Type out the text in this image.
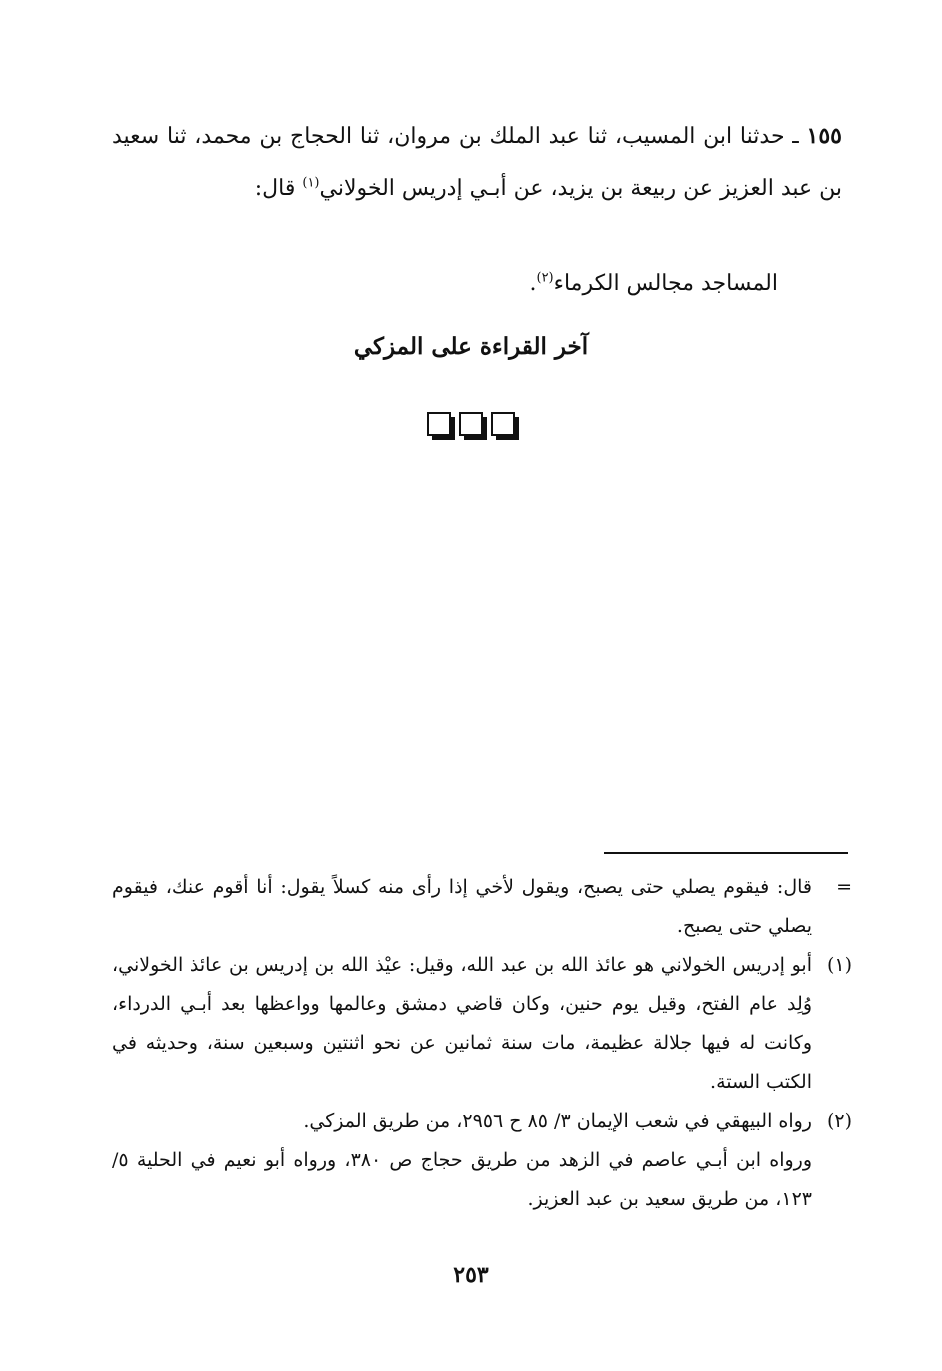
١٥٥ ـ حدثنا ابن المسيب، ثنا عبد الملك بن مروان، ثنا الحجاج بن محمد، ثنا سعيد بن عبد العزيز عن ربيعة بن يزيد، عن أبـي إدريس الخولاني$^{(١)}$ قال:

المساجد مجالس الكرماء$^{(٢)}$.
آخر القراءة على المزكي
=
قال: فيقوم يصلي حتى يصبح، ويقول لأخي إذا رأى منه كسلاً يقول: أنا أقوم عنك، فيقوم يصلي حتى يصبح.
(١)
أبو إدريس الخولاني هو عائذ الله بن عبد الله، وقيل: عيْذ الله بن إدريس بن عائذ الخولاني، وُلِد عام الفتح، وقيل يوم حنين، وكان قاضي دمشق وعالمها وواعظها بعد أبـي الدرداء، وكانت له فيها جلالة عظيمة، مات سنة ثمانين عن نحو اثنتين وسبعين سنة، وحديثه في الكتب الستة.
(٢)
رواه البيهقي في شعب الإيمان ٣/ ٨٥ ح ٢٩٥٦، من طريق المزكي.
ورواه ابن أبـي عاصم في الزهد من طريق حجاج ص ٣٨٠، ورواه أبو نعيم في الحلية ٥/ ١٢٣، من طريق سعيد بن عبد العزيز.
٢٥٣
